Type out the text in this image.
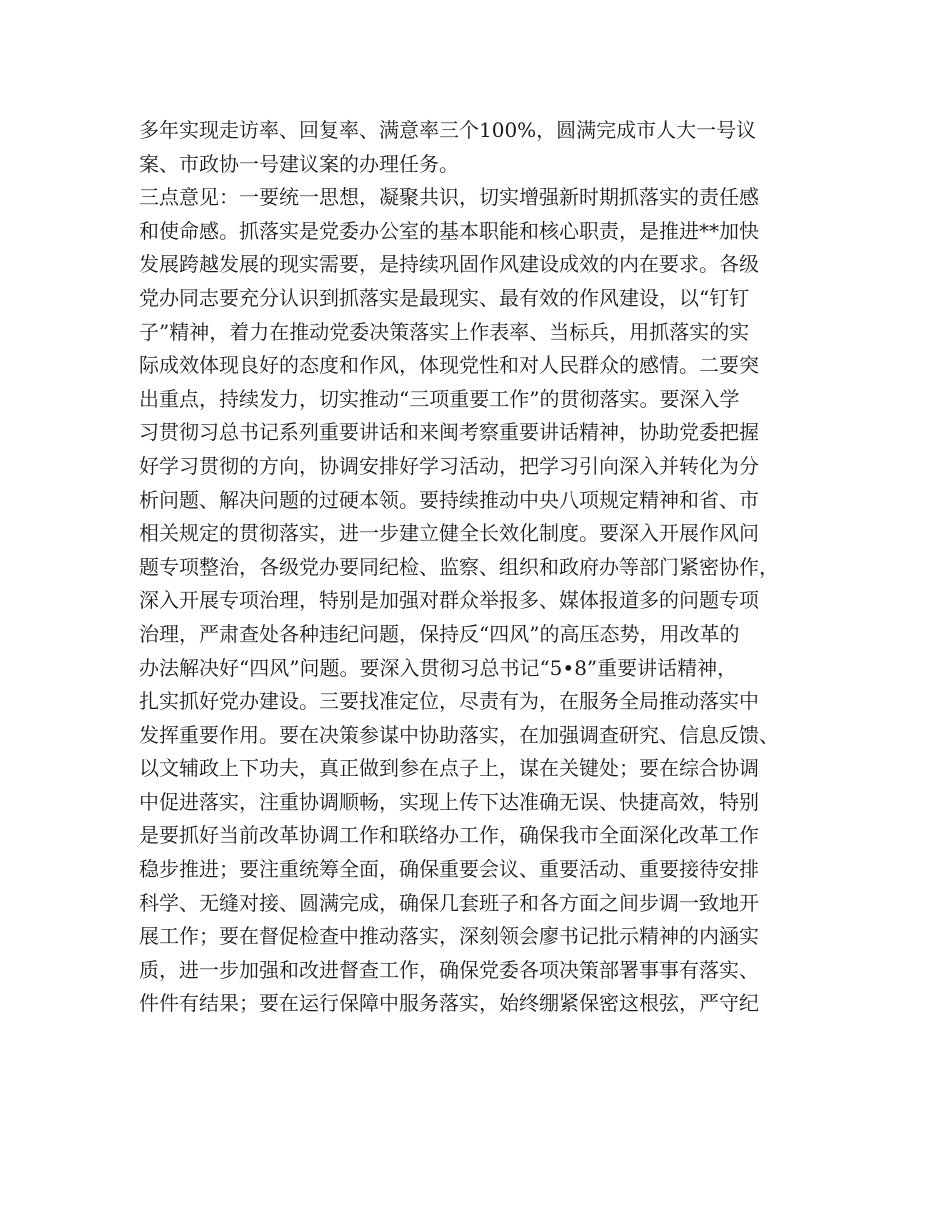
多年实现走访率、回复率、满意率三个100%，圆满完成市人大一号议
案、市政协一号建议案的办理任务。
三点意见：一要统一思想，凝聚共识，切实增强新时期抓落实的责任感
和使命感。抓落实是党委办公室的基本职能和核心职责，是推进**加快
发展跨越发展的现实需要，是持续巩固作风建设成效的内在要求。各级
党办同志要充分认识到抓落实是最现实、最有效的作风建设，以“钉钉
子”精神，着力在推动党委决策落实上作表率、当标兵，用抓落实的实
际成效体现良好的态度和作风，体现党性和对人民群众的感情。二要突
出重点，持续发力，切实推动“三项重要工作”的贯彻落实。要深入学
习贯彻习总书记系列重要讲话和来闽考察重要讲话精神，协助党委把握
好学习贯彻的方向，协调安排好学习活动，把学习引向深入并转化为分
析问题、解决问题的过硬本领。要持续推动中央八项规定精神和省、市
相关规定的贯彻落实，进一步建立健全长效化制度。要深入开展作风问
题专项整治，各级党办要同纪检、监察、组织和政府办等部门紧密协作，
深入开展专项治理，特别是加强对群众举报多、媒体报道多的问题专项
治理，严肃查处各种违纪问题，保持反“四风”的高压态势，用改革的
办法解决好“四风”问题。要深入贯彻习总书记“5•8”重要讲话精神，
扎实抓好党办建设。三要找准定位，尽责有为，在服务全局推动落实中
发挥重要作用。要在决策参谋中协助落实，在加强调查研究、信息反馈、
以文辅政上下功夫，真正做到参在点子上，谋在关键处；要在综合协调
中促进落实，注重协调顺畅，实现上传下达准确无误、快捷高效，特别
是要抓好当前改革协调工作和联络办工作，确保我市全面深化改革工作
稳步推进；要注重统筹全面，确保重要会议、重要活动、重要接待安排
科学、无缝对接、圆满完成，确保几套班子和各方面之间步调一致地开
展工作；要在督促检查中推动落实，深刻领会廖书记批示精神的内涵实
质，进一步加强和改进督查工作，确保党委各项决策部署事事有落实、
件件有结果；要在运行保障中服务落实，始终绷紧保密这根弦，严守纪
